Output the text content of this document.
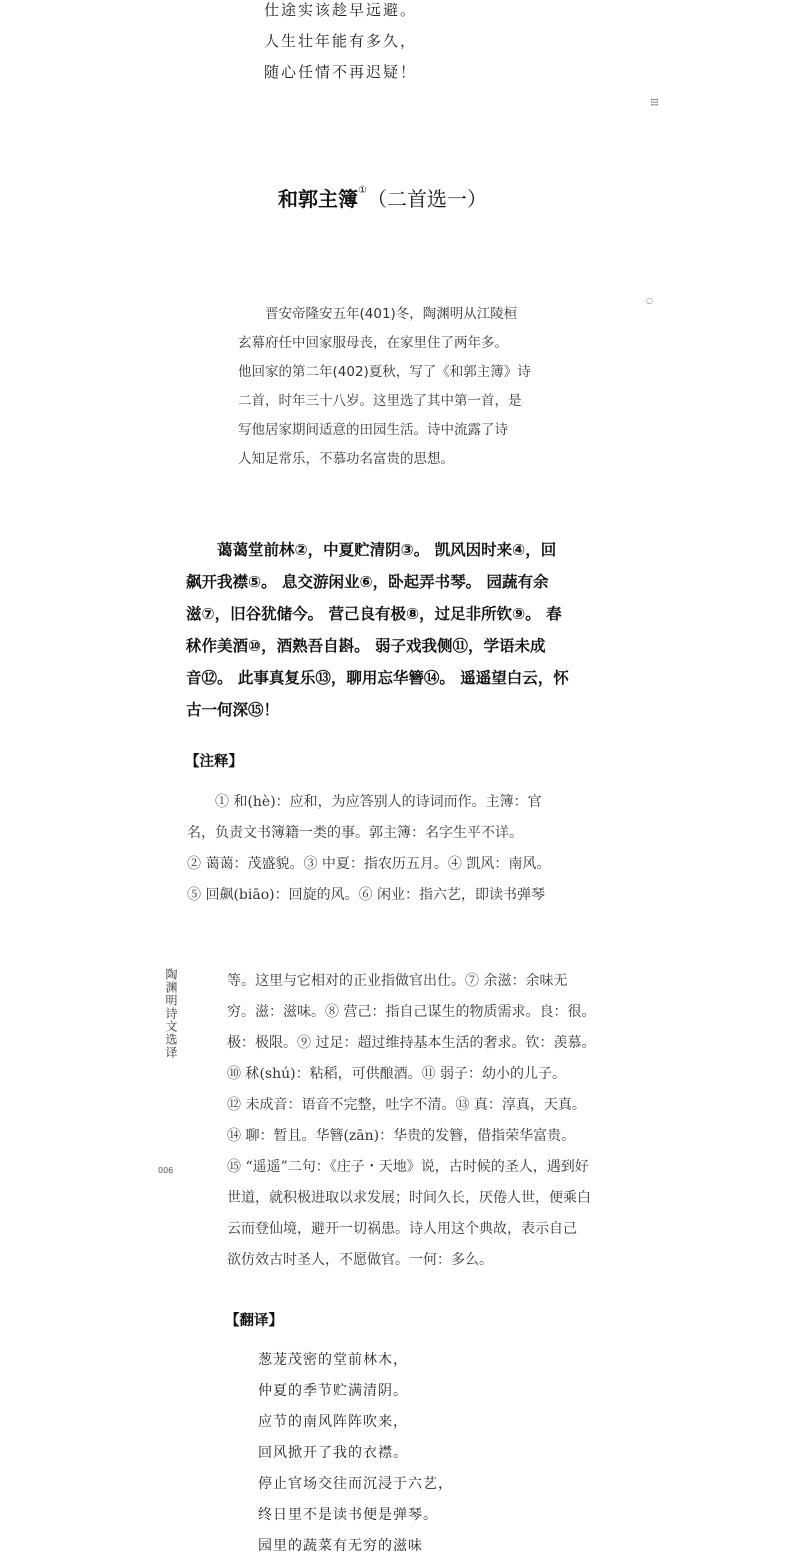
仕途实该趁早远避。
人生壮年能有多久，
随心任情不再迟疑！
ꟾꟾꟾ
○
和郭主簿①（二首选一）
　　晋安帝隆安五年(401)冬，陶渊明从江陵桓
玄幕府任中回家服母丧，在家里住了两年多。
他回家的第二年(402)夏秋，写了《和郭主簿》诗
二首，时年三十八岁。这里选了其中第一首，是
写他居家期间适意的田园生活。诗中流露了诗
人知足常乐，不慕功名富贵的思想。
　　蔼蔼堂前林②，中夏贮清阴③。 凯风因时来④，回
飙开我襟⑤。 息交游闲业⑥，卧起弄书琴。 园蔬有余
滋⑦，旧谷犹储今。 营己良有极⑧，过足非所钦⑨。 春
秫作美酒⑩，酒熟吾自斟。 弱子戏我侧⑪，学语未成
音⑫。 此事真复乐⑬，聊用忘华簪⑭。 遥遥望白云，怀
古一何深⑮！
【注释】
　　① 和(hè)：应和，为应答别人的诗词而作。主簿：官
名，负责文书簿籍一类的事。郭主簿：名字生平不详。
② 蔼蔼：茂盛貌。③ 中夏：指农历五月。④ 凯风：南风。
⑤ 回飙(biāo)：回旋的风。⑥ 闲业：指六艺，即读书弹琴
陶渊明诗文选译
006
等。这里与它相对的正业指做官出仕。⑦ 余滋：余味无
穷。滋：滋味。⑧ 营己：指自己谋生的物质需求。良：很。
极：极限。⑨ 过足：超过维持基本生活的奢求。钦：羡慕。
⑩ 秫(shú)：粘稻，可供酿酒。⑪ 弱子：幼小的儿子。
⑫ 未成音：语音不完整，吐字不清。⑬ 真：淳真，天真。
⑭ 聊：暂且。华簪(zān)：华贵的发簪，借指荣华富贵。
⑮ “遥遥”二句：《庄子・天地》说，古时候的圣人，遇到好
世道，就积极进取以求发展；时间久长，厌倦人世，便乘白
云而登仙境，避开一切祸患。诗人用这个典故，表示自己
欲仿效古时圣人，不愿做官。一何：多么。
【翻译】
葱茏茂密的堂前林木，
仲夏的季节贮满清阴。
应节的南风阵阵吹来，
回风掀开了我的衣襟。
停止官场交往而沉浸于六艺，
终日里不是读书便是弹琴。
园里的蔬菜有无穷的滋味
